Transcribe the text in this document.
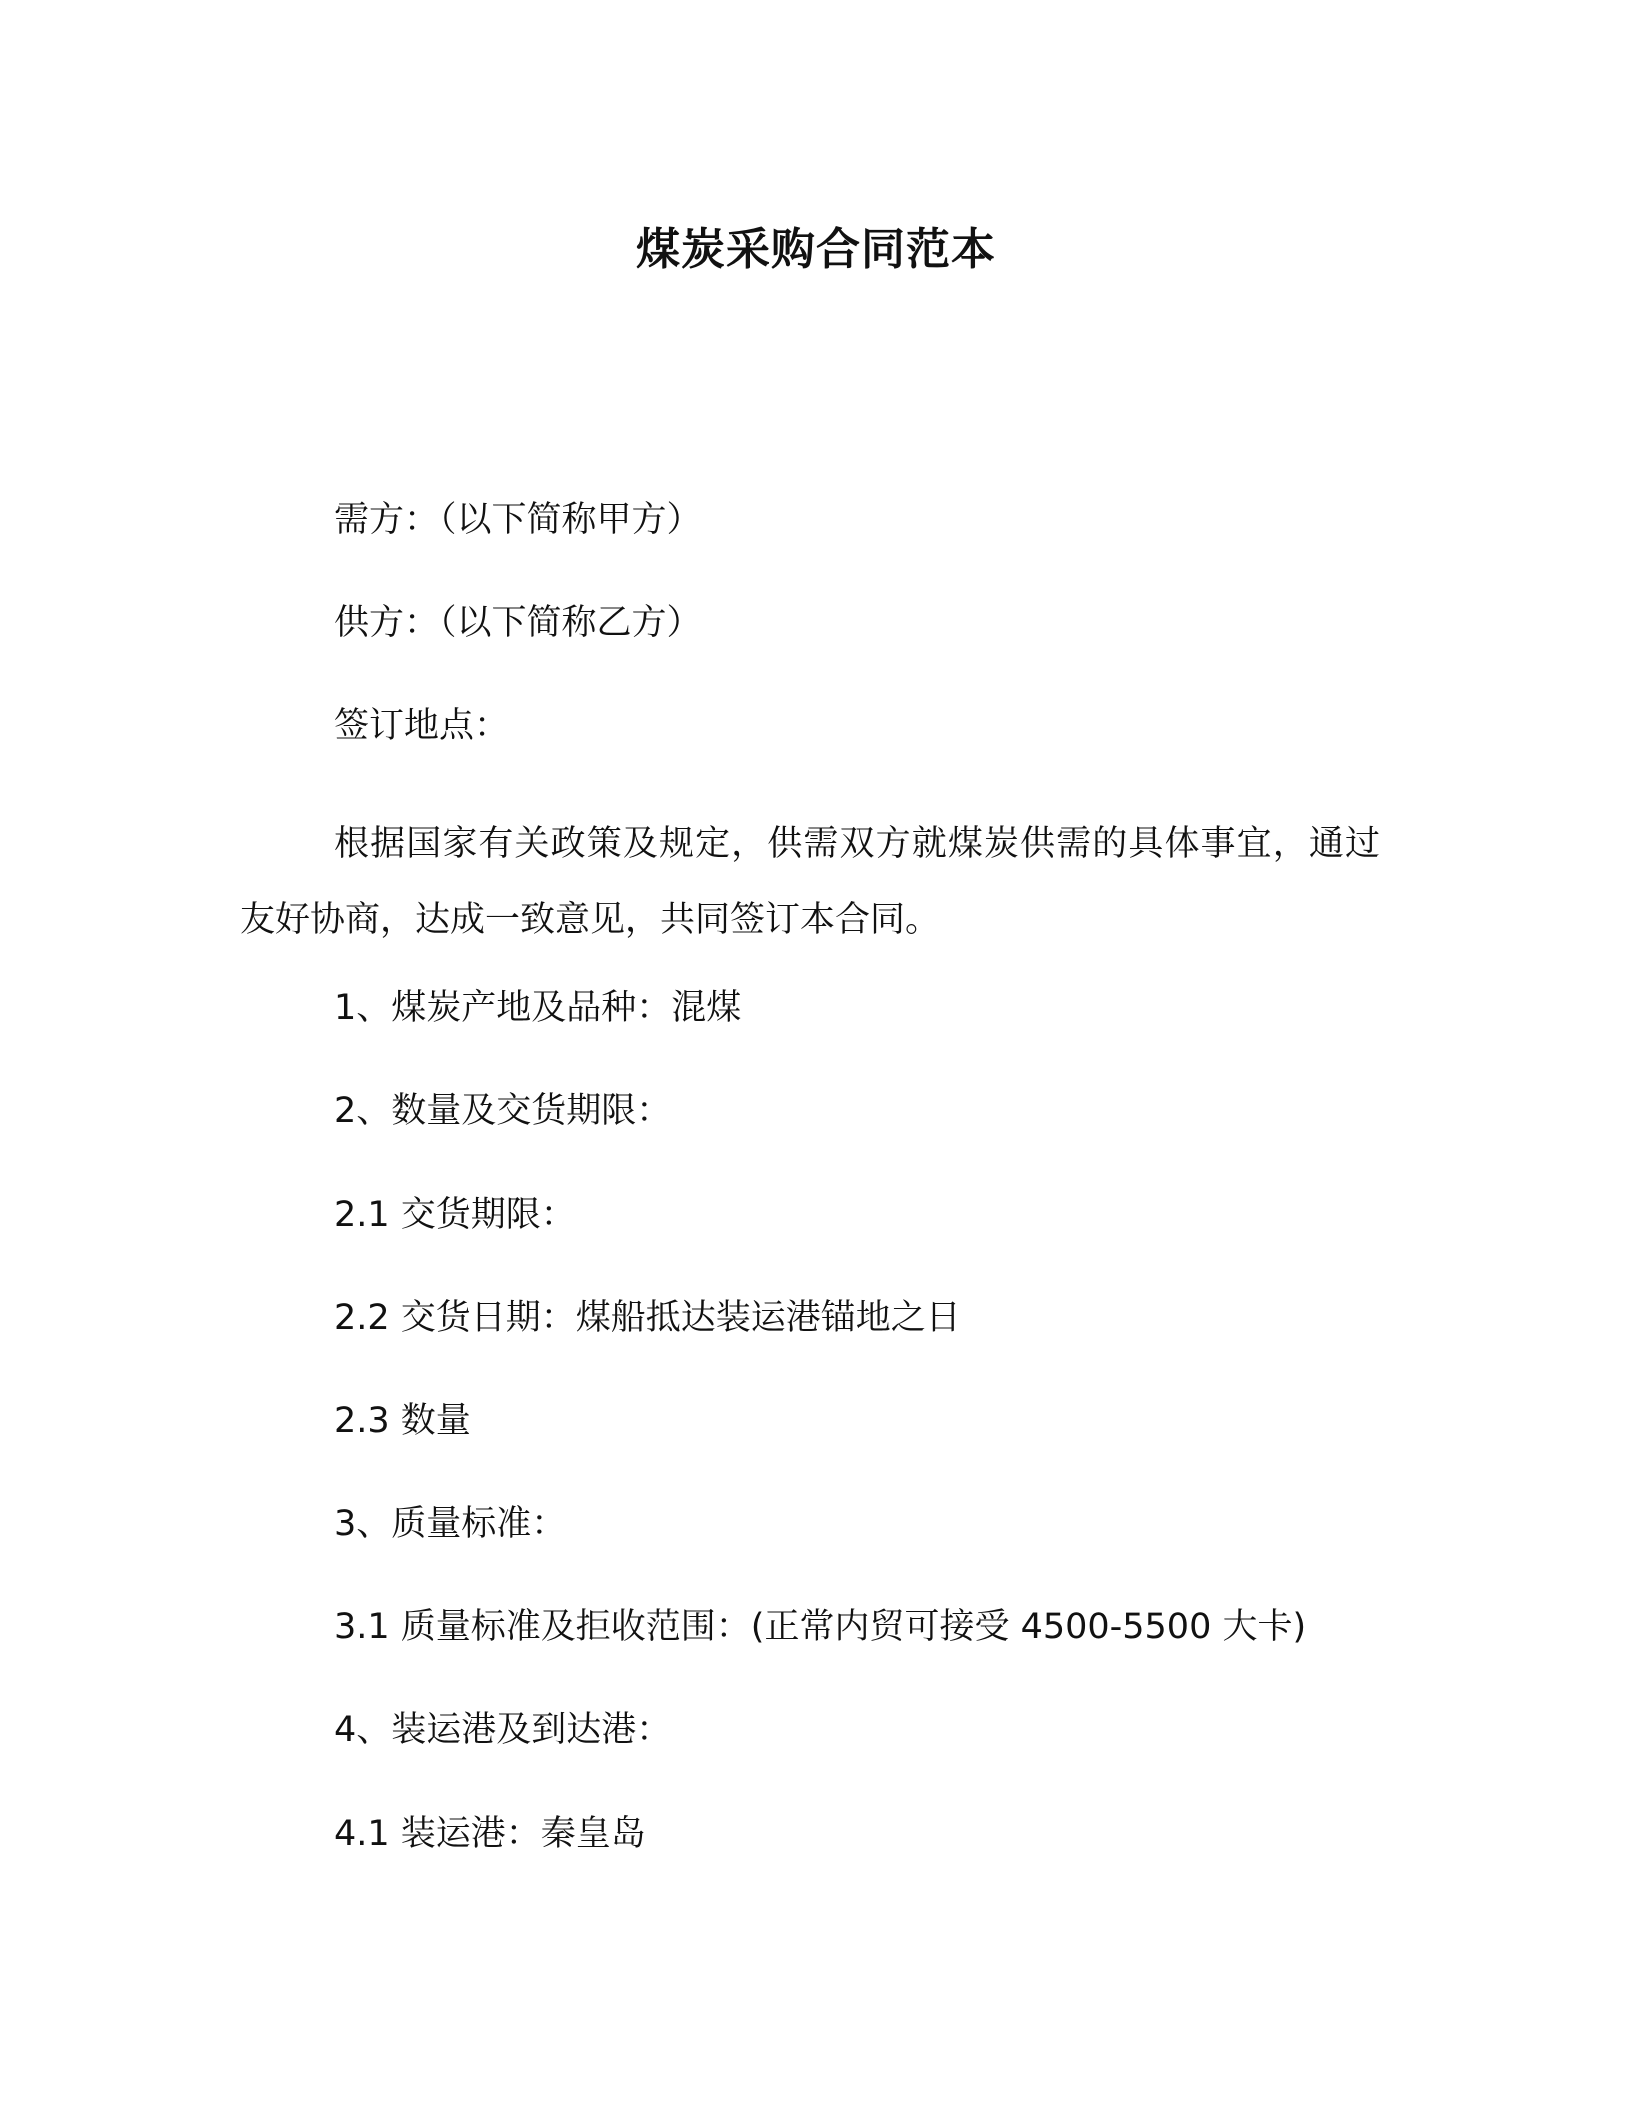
煤炭采购合同范本
需方：（以下简称甲方）
供方：（以下简称乙方）
签订地点：
根据国家有关政策及规定，供需双方就煤炭供需的具体事宜，通过友好协商，达成一致意见，共同签订本合同。
1、煤炭产地及品种：混煤
2、数量及交货期限：
2.1 交货期限：
2.2 交货日期：煤船抵达装运港锚地之日
2.3 数量
3、质量标准：
3.1 质量标准及拒收范围：(正常内贸可接受 4500-5500 大卡)
4、装运港及到达港：
4.1 装运港：秦皇岛
